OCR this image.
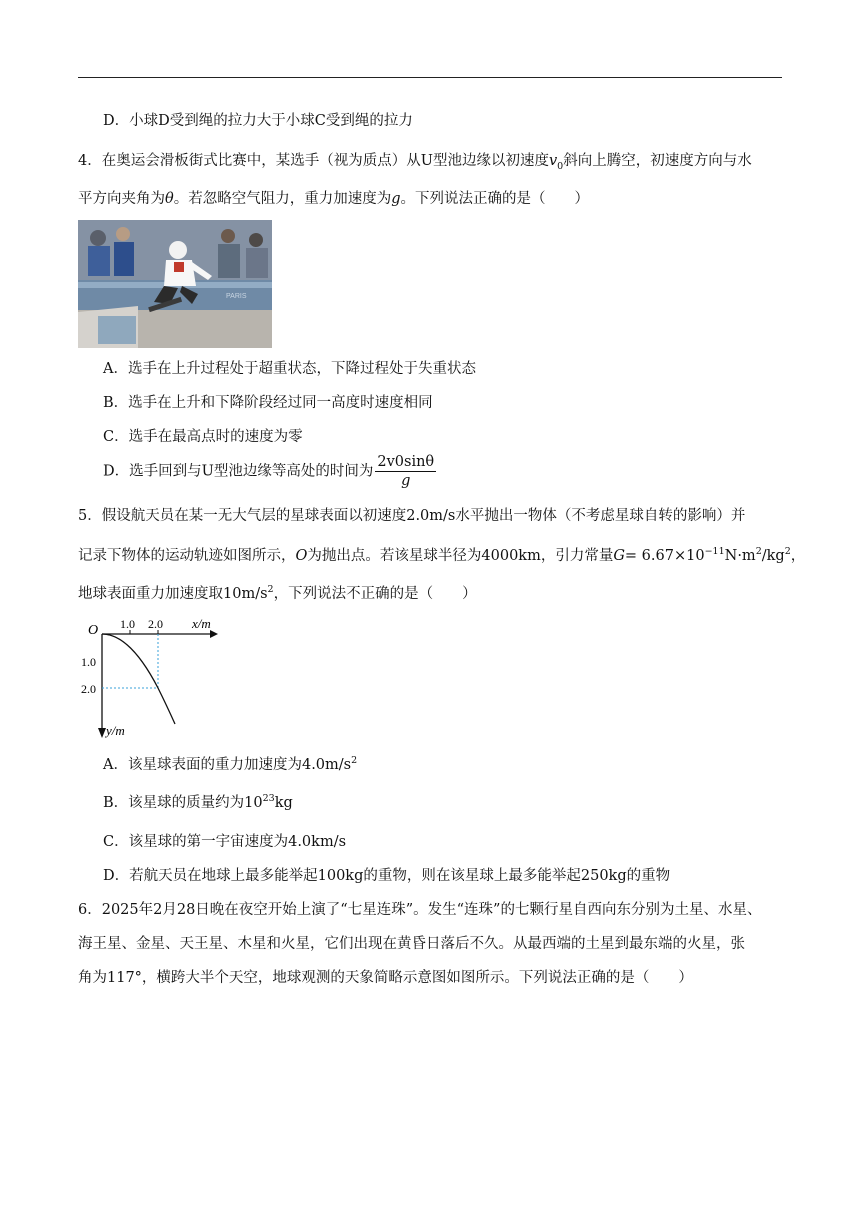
D．小球D受到绳的拉力大于小球C受到绳的拉力
4．在奥运会滑板街式比赛中，某选手（视为质点）从U型池边缘以初速度$v_0$斜向上腾空，初速度方向与水
平方向夹角为θ。若忽略空气阻力，重力加速度为g。下列说法正确的是（　　）
PARIS
A．选手在上升过程处于超重状态，下降过程处于失重状态
B．选手在上升和下降阶段经过同一高度时速度相同
C．选手在最高点时的速度为零
D．选手回到与U型池边缘等高处的时间为 $\frac{2v0\sin\theta}{g}$
5．假设航天员在某一无大气层的星球表面以初速度2.0m/s水平抛出一物体（不考虑星球自转的影响）并
记录下物体的运动轨迹如图所示，O为抛出点。若该星球半径为4000km，引力常量$G= 6.67\times 10^{-11}N\cdot m^2/kg^2$，
地球表面重力加速度取$10m/s^2$，下列说法不正确的是（　　）
O 1.0 2.0 x/m
1.0
2.0
y/m
A．该星球表面的重力加速度为$4.0m/s^2$
B．该星球的质量约为$10^{23}kg$
C．该星球的第一宇宙速度为4.0km/s
D．若航天员在地球上最多能举起100kg的重物，则在该星球上最多能举起250kg的重物
6．2025年2月28日晚在夜空开始上演了“七星连珠”。发生“连珠”的七颗行星自西向东分别为土星、水星、
海王星、金星、天王星、木星和火星，它们出现在黄昏日落后不久。从最西端的土星到最东端的火星，张
角为117°，横跨大半个天空，地球观测的天象简略示意图如图所示。下列说法正确的是（　　）
